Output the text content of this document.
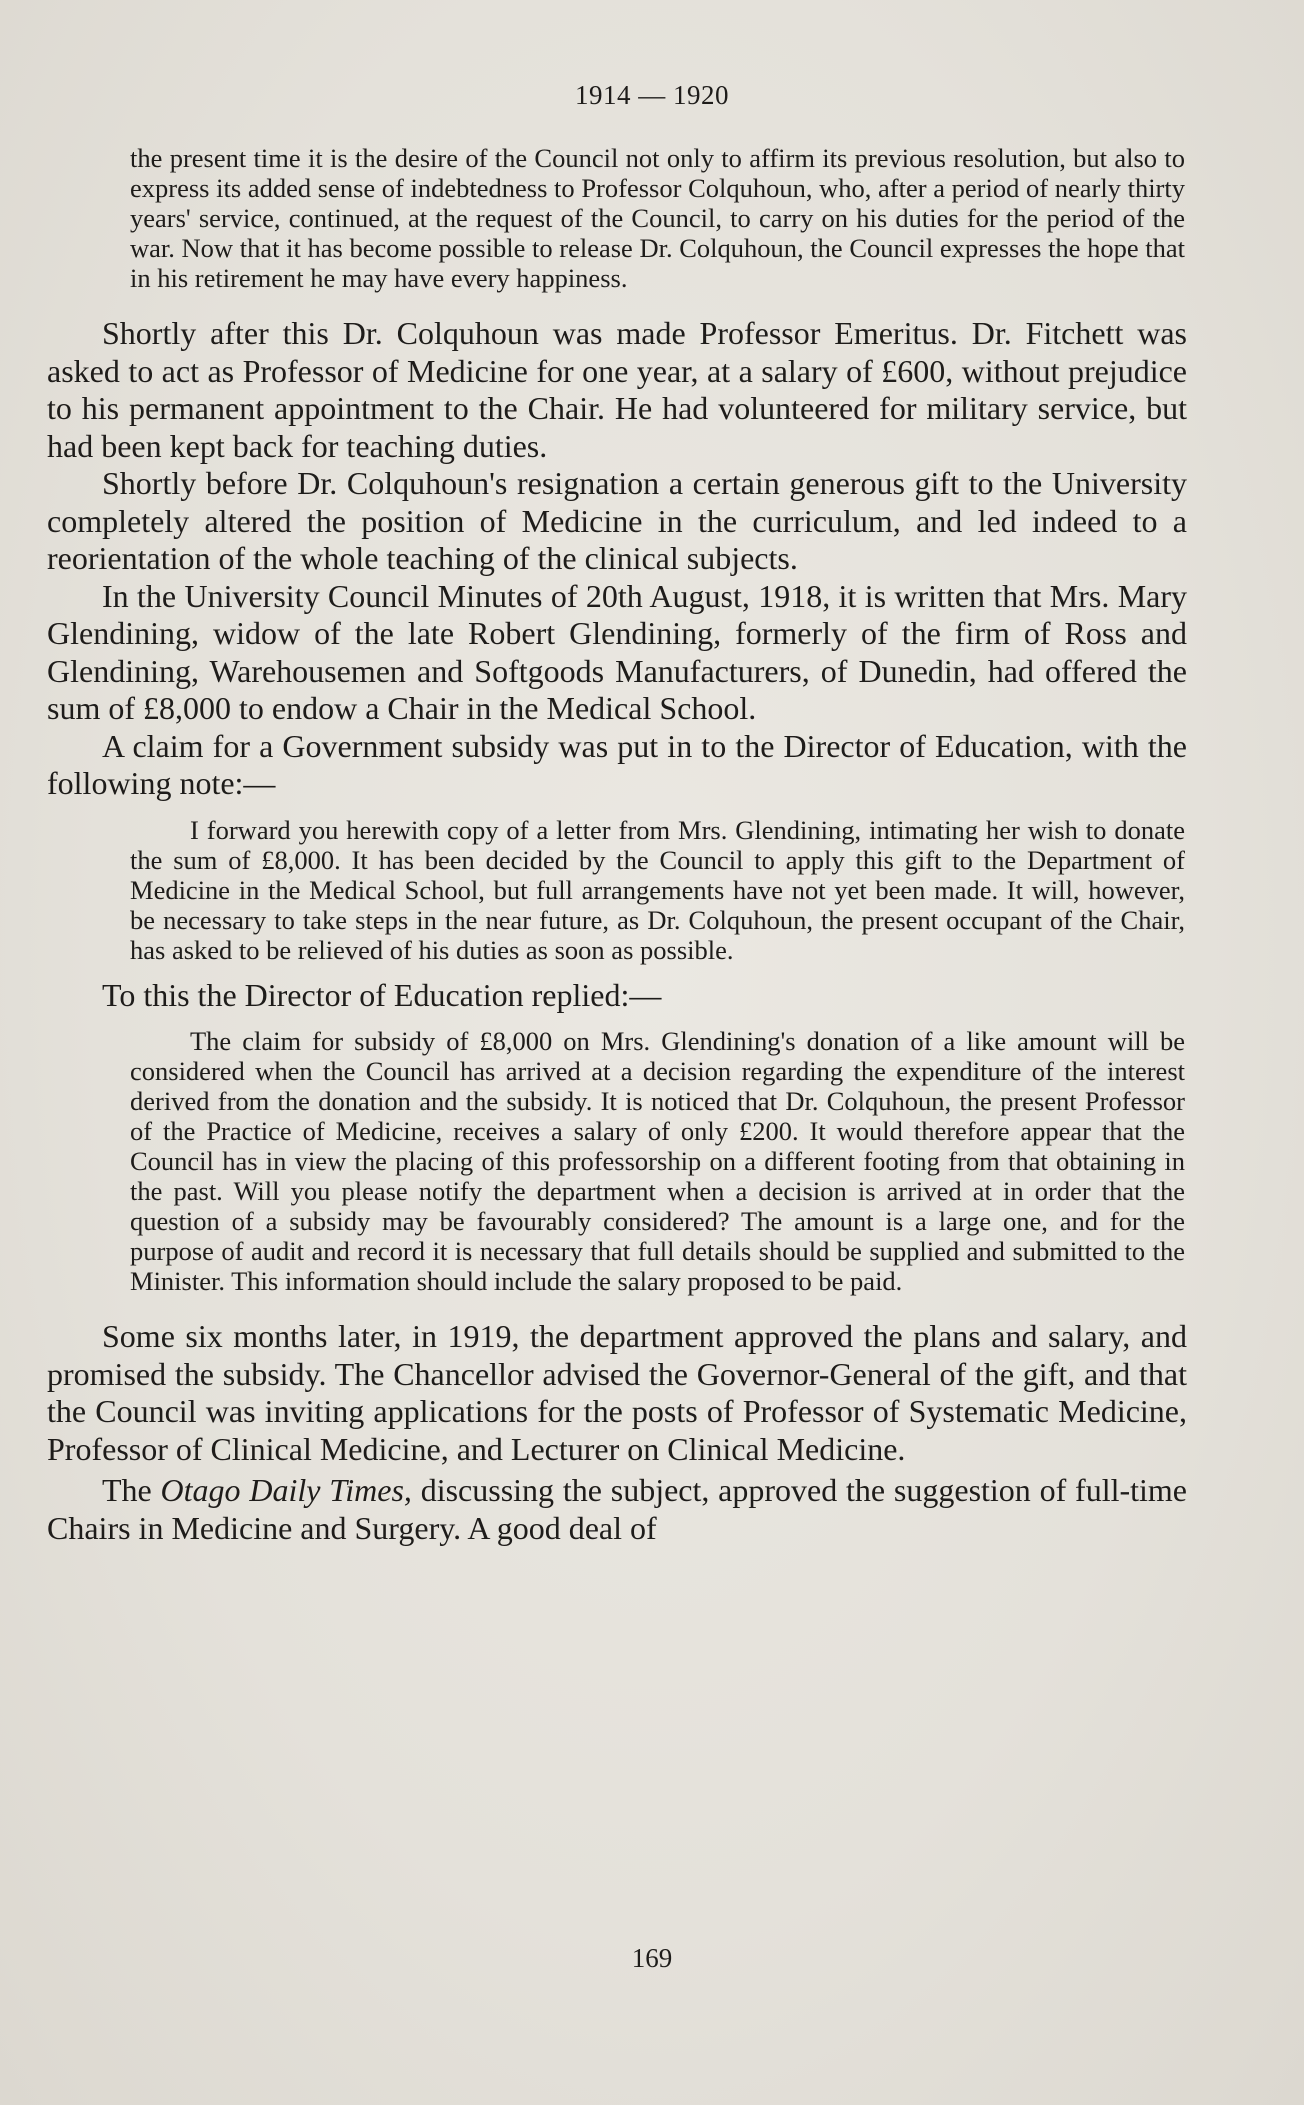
1914 — 1920

the present time it is the desire of the Council not only to affirm its previous resolution, but also to express its added sense of indebtedness to Professor Colquhoun, who, after a period of nearly thirty years' service, continued, at the request of the Council, to carry on his duties for the period of the war. Now that it has become possible to release Dr. Colquhoun, the Council expresses the hope that in his retirement he may have every happiness.

Shortly after this Dr. Colquhoun was made Professor Emeritus. Dr. Fitchett was asked to act as Professor of Medicine for one year, at a salary of £600, without prejudice to his permanent appointment to the Chair. He had volunteered for military service, but had been kept back for teaching duties.

Shortly before Dr. Colquhoun's resignation a certain generous gift to the University completely altered the position of Medicine in the curriculum, and led indeed to a reorientation of the whole teaching of the clinical subjects.

In the University Council Minutes of 20th August, 1918, it is written that Mrs. Mary Glendining, widow of the late Robert Glendining, formerly of the firm of Ross and Glendining, Warehousemen and Softgoods Manufacturers, of Dunedin, had offered the sum of £8,000 to endow a Chair in the Medical School.

A claim for a Government subsidy was put in to the Director of Education, with the following note:—

I forward you herewith copy of a letter from Mrs. Glendining, intimating her wish to donate the sum of £8,000. It has been decided by the Council to apply this gift to the Department of Medicine in the Medical School, but full arrangements have not yet been made. It will, however, be necessary to take steps in the near future, as Dr. Colquhoun, the present occupant of the Chair, has asked to be relieved of his duties as soon as possible.

To this the Director of Education replied:—

The claim for subsidy of £8,000 on Mrs. Glendining's donation of a like amount will be considered when the Council has arrived at a decision regarding the expenditure of the interest derived from the donation and the subsidy. It is noticed that Dr. Colquhoun, the present Professor of the Practice of Medicine, receives a salary of only £200. It would therefore appear that the Council has in view the placing of this professorship on a different footing from that obtaining in the past. Will you please notify the department when a decision is arrived at in order that the question of a subsidy may be favourably considered? The amount is a large one, and for the purpose of audit and record it is necessary that full details should be supplied and submitted to the Minister. This information should include the salary proposed to be paid.

Some six months later, in 1919, the department approved the plans and salary, and promised the subsidy. The Chancellor advised the Governor-General of the gift, and that the Council was inviting applications for the posts of Professor of Systematic Medicine, Professor of Clinical Medicine, and Lecturer on Clinical Medicine.

The Otago Daily Times, discussing the subject, approved the suggestion of full-time Chairs in Medicine and Surgery. A good deal of

169
